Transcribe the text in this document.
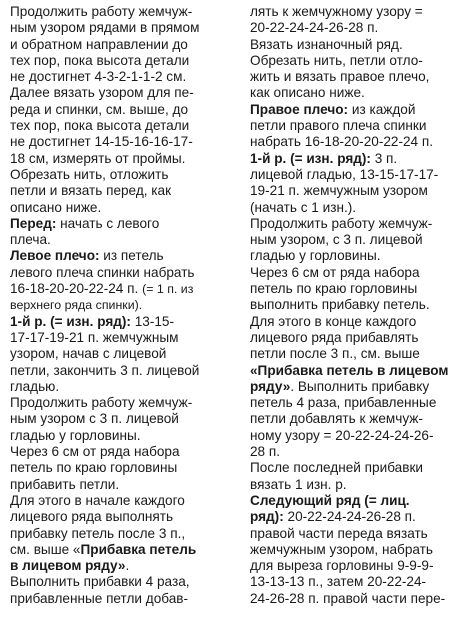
Продолжить работу жемчуж-
ным узором рядами в прямом
и обратном направлении до
тех пор, пока высота детали
не достигнет 4-3-2-1-1-2 см.
Далее вязать узором для пе-
реда и спинки, см. выше, до
тех пор, пока высота детали
не достигнет 14-15-16-16-17-
18 см, измерять от проймы.
Обрезать нить, отложить
петли и вязать перед, как
описано ниже.
Перед: начать с левого
плеча.
Левое плечо: из петель
левого плеча спинки набрать
16-18-20-20-22-24 п. (= 1 п. из
верхнего ряда спинки).
1-й р. (= изн. ряд): 13-15-
17-17-19-21 п. жемчужным
узором, начав с лицевой
петли, закончить 3 п. лицевой
гладью.
Продолжить работу жемчуж-
ным узором с 3 п. лицевой
гладью у горловины.
Через 6 см от ряда набора
петель по краю горловины
прибавить петли.
Для этого в начале каждого
лицевого ряда выполнять
прибавку петель после 3 п.,
см. выше «Прибавка петель
в лицевом ряду».
Выполнить прибавки 4 раза,
прибавленные петли добав-
лять к жемчужному узору =
20-22-24-24-26-28 п.
Вязать изнаночный ряд.
Обрезать нить, петли отло-
жить и вязать правое плечо,
как описано ниже.
Правое плечо: из каждой
петли правого плеча спинки
набрать 16-18-20-20-22-24 п.
1-й р. (= изн. ряд): 3 п.
лицевой гладью, 13-15-17-17-
19-21 п. жемчужным узором
(начать с 1 изн.).
Продолжить работу жемчуж-
ным узором, с 3 п. лицевой
гладью у горловины.
Через 6 см от ряда набора
петель по краю горловины
выполнить прибавку петель.
Для этого в конце каждого
лицевого ряда прибавлять
петли после 3 п., см. выше
«Прибавка петель в лицевом
ряду». Выполнить прибавку
петель 4 раза, прибавленные
петли добавлять к жемчуж-
ному узору = 20-22-24-24-26-
28 п.
После последней прибавки
вязать 1 изн. р.
Следующий ряд (= лиц.
ряд): 20-22-24-24-26-28 п.
правой части переда вязать
жемчужным узором, набрать
для выреза горловины 9-9-9-
13-13-13 п., затем 20-22-24-
24-26-28 п. правой части пере-
